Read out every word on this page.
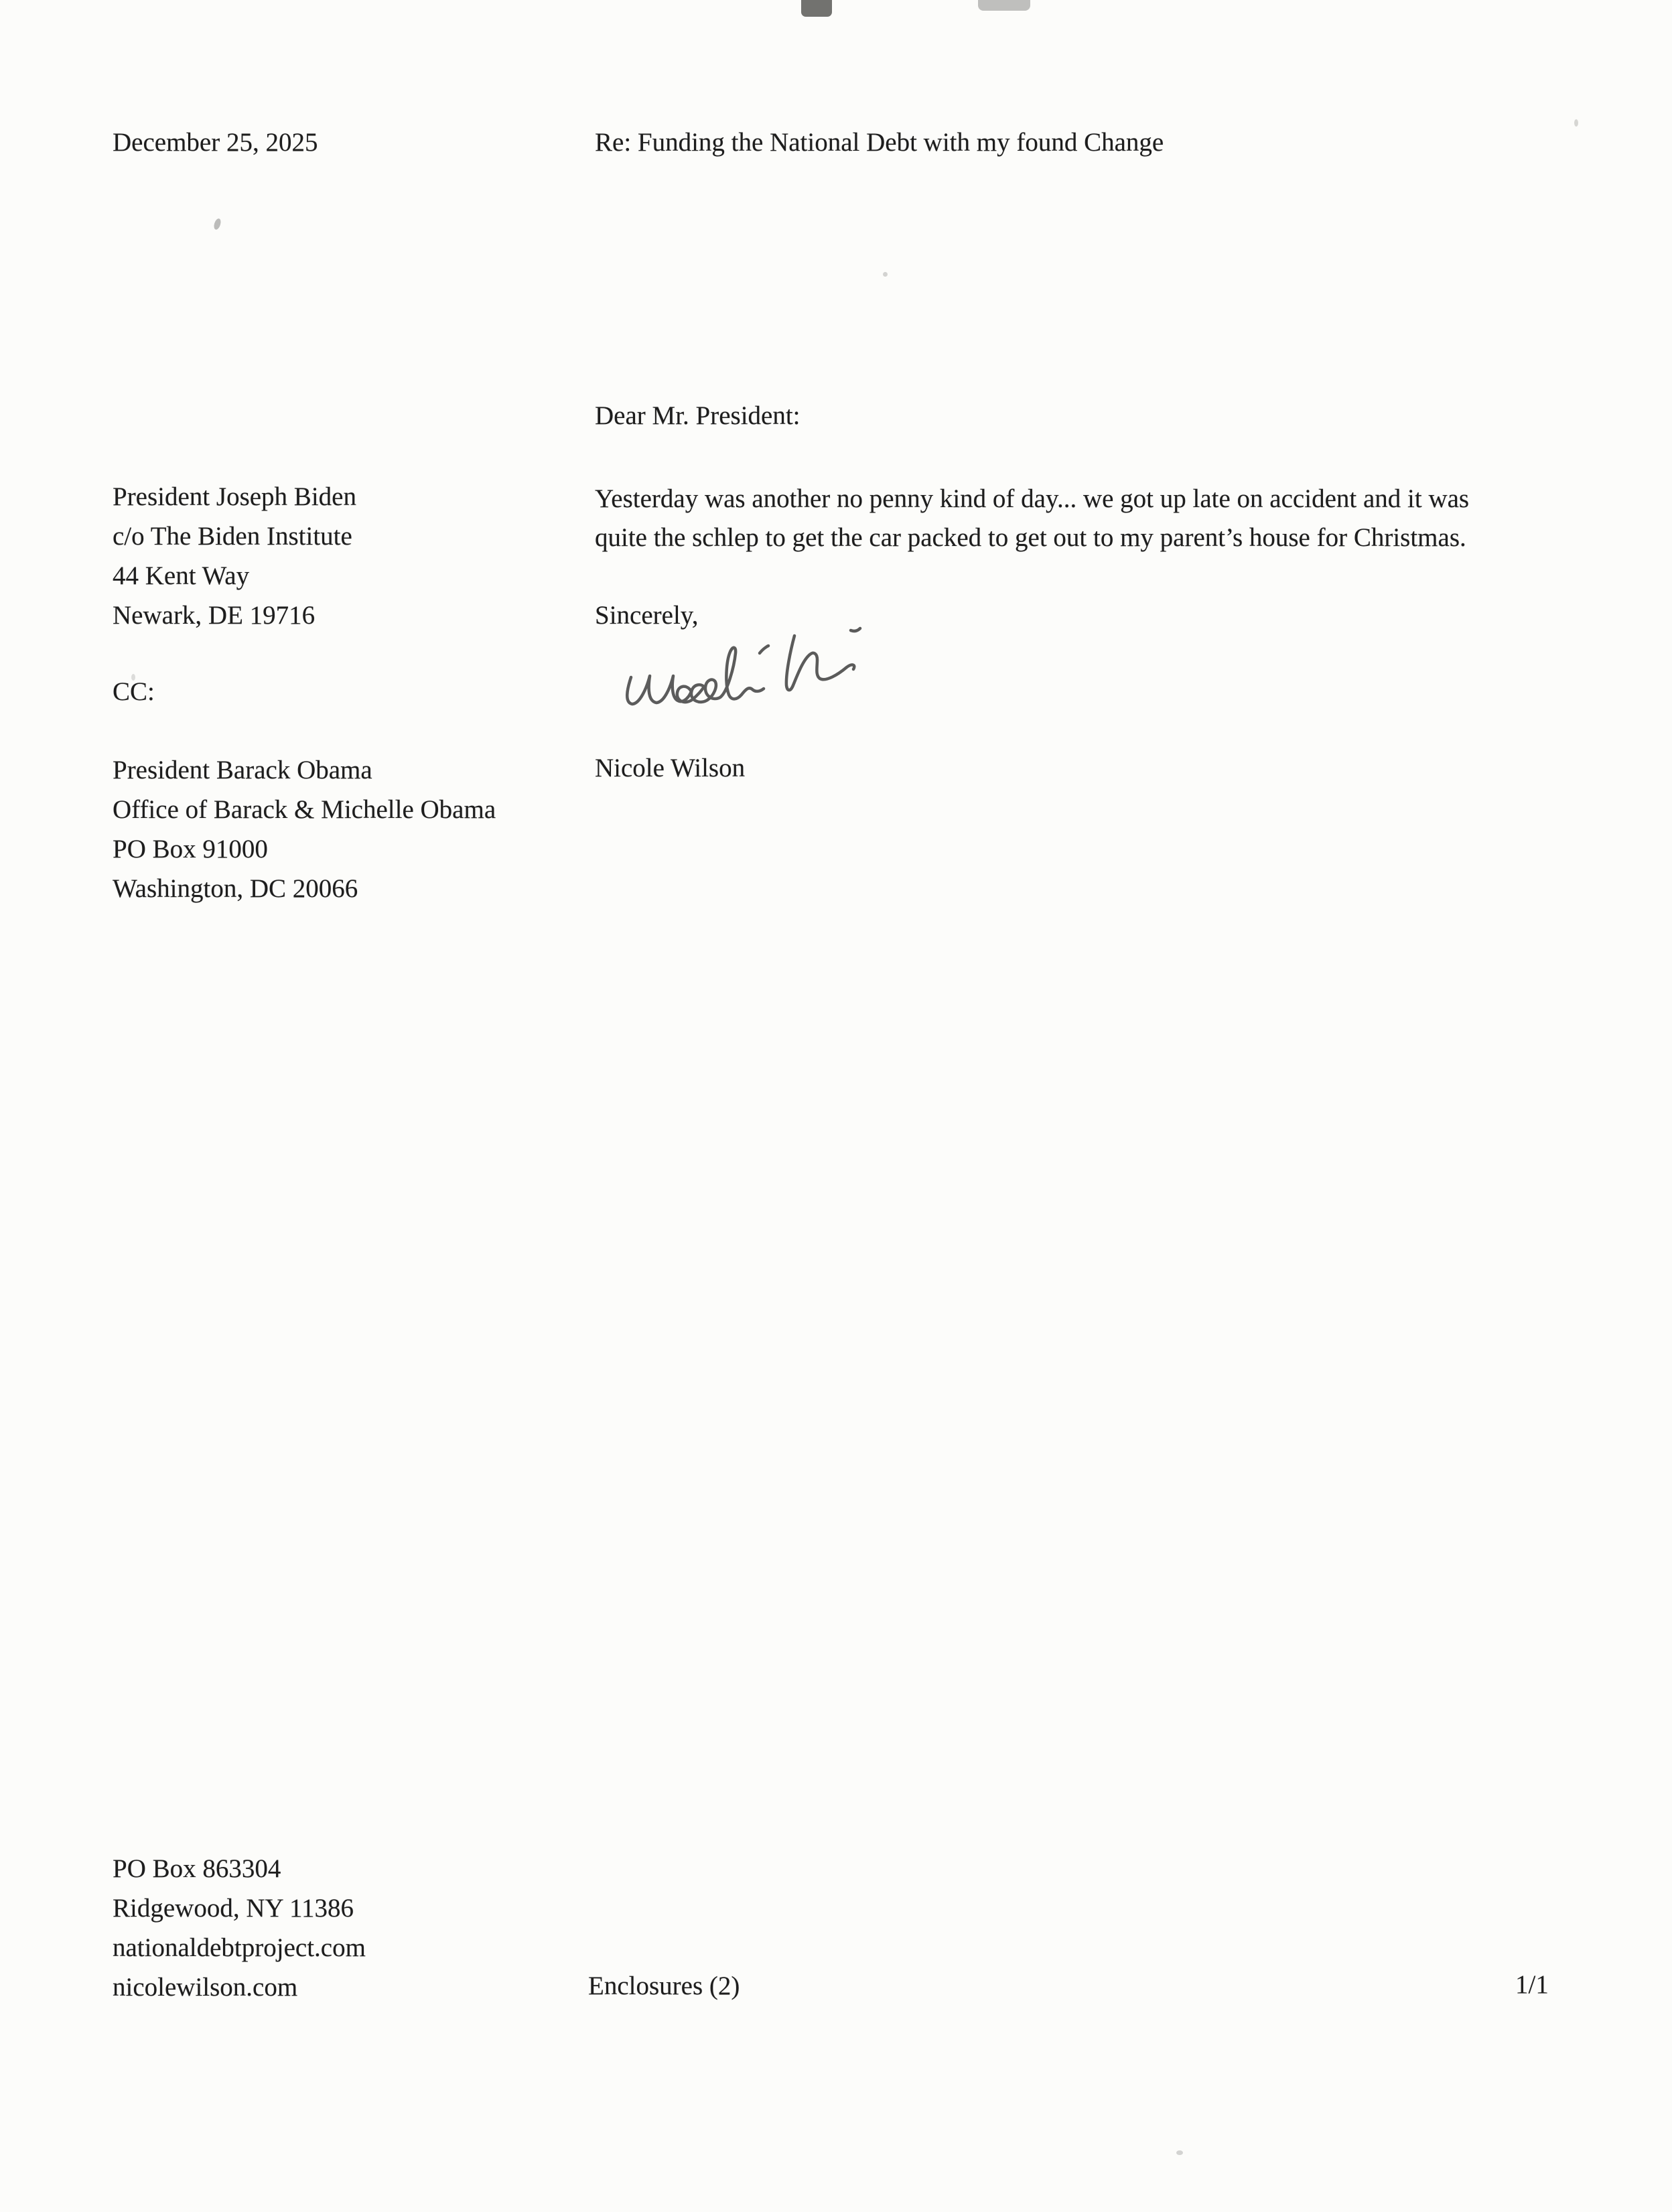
December 25, 2025	Re: Funding the National Debt with my found Change
Dear Mr. President:
President Joseph Biden
c/o The Biden Institute
44 Kent Way
Newark, DE 19716
Yesterday was another no penny kind of day... we got up late on accident and it was
quite the schlep to get the car packed to get out to my parent’s house for Christmas.
Sincerely,
Nicole Wilson
CC:
President Barack Obama
Office of Barack & Michelle Obama
PO Box 91000
Washington, DC 20066
PO Box 863304
Ridgewood, NY 11386
nationaldebtproject.com
nicolewilson.com	Enclosures (2)	1/1
